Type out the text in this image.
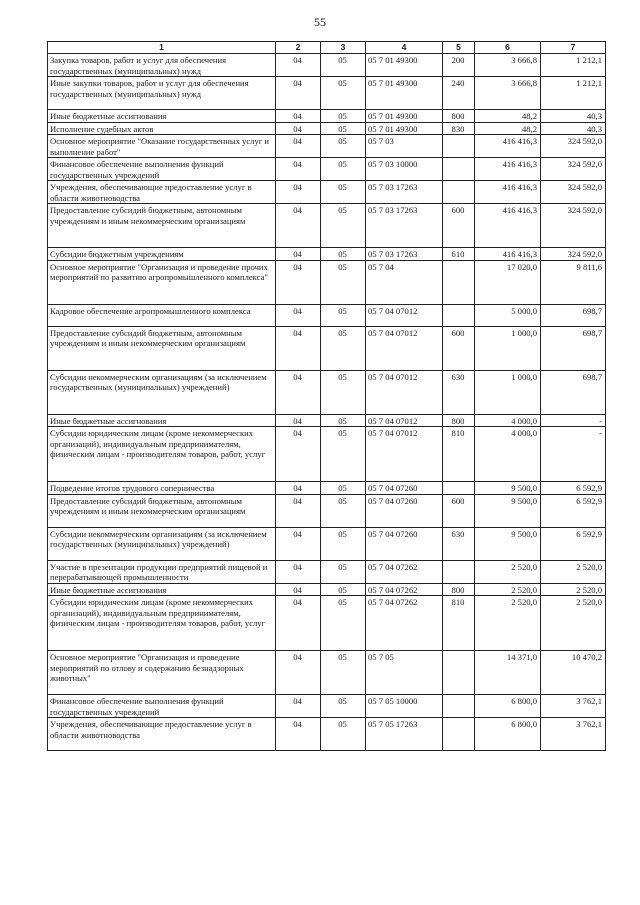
55
1	2	3	4	5	6	7
Закупка товаров, работ и услуг для обеспечения государственных (муниципальных) нужд	04	05	05 7 01 49300	200	3 666,8	1 212,1
Иные закупки товаров, работ и услуг для обеспечения государственных (муниципальных) нужд	04	05	05 7 01 49300	240	3 666,8	1 212,1
Иные бюджетные ассигнования	04	05	05 7 01 49300	800	48,2	40,3
Исполнение судебных актов	04	05	05 7 01 49300	830	48,2	40,3
Основное мероприятие "Оказание государственных услуг и выполнение работ"	04	05	05 7 03		416 416,3	324 592,0
Финансовое обеспечение выполнения функций государственных учреждений	04	05	05 7 03 10000		416 416,3	324 592,0
Учреждения, обеспечивающие предоставление услуг в области животноводства	04	05	05 7 03 17263		416 416,3	324 592,0
Предоставление субсидий бюджетным, автономным учреждениям и иным некоммерческим организациям	04	05	05 7 03 17263	600	416 416,3	324 592,0
Субсидии бюджетным учреждениям	04	05	05 7 03 17263	610	416 416,3	324 592,0
Основное мероприятие "Организация и проведение прочих мероприятий по развитию агропромышленного комплекса"	04	05	05 7 04		17 020,0	9 811,6
Кадровое обеспечение агропромышленного комплекса	04	05	05 7 04 07012		5 000,0	698,7
Предоставление субсидий бюджетным, автономным учреждениям и иным некоммерческим организациям	04	05	05 7 04 07012	600	1 000,0	698,7
Субсидии некоммерческим организациям (за исключением государственных (муниципальных) учреждений)	04	05	05 7 04 07012	630	1 000,0	698,7
Иные бюджетные ассигнования	04	05	05 7 04 07012	800	4 000,0	-
Субсидии юридическим лицам (кроме некоммерческих организаций), индивидуальным предпринимателям, физическим лицам - производителям товаров, работ, услуг	04	05	05 7 04 07012	810	4 000,0	-
Подведение итогов трудового соперничества	04	05	05 7 04 07260		9 500,0	6 592,9
Предоставление субсидий бюджетным, автономным учреждениям и иным некоммерческим организациям	04	05	05 7 04 07260	600	9 500,0	6 592,9
Субсидии некоммерческим организациям (за исключением государственных (муниципальных) учреждений)	04	05	05 7 04 07260	630	9 500,0	6 592,9
Участие в презентации продукции предприятий пищевой и перерабатывающей промышленности	04	05	05 7 04 07262		2 520,0	2 520,0
Иные бюджетные ассигнования	04	05	05 7 04 07262	800	2 520,0	2 520,0
Субсидии юридическим лицам (кроме некоммерческих организаций), индивидуальным предпринимателям, физическим лицам - производителям товаров, работ, услуг	04	05	05 7 04 07262	810	2 520,0	2 520,0
Основное мероприятие "Организация и проведение мероприятий по отлову и содержанию безнадзорных животных"	04	05	05 7 05		14 371,0	10 470,2
Финансовое обеспечение выполнения функций государственных учреждений	04	05	05 7 05 10000		6 800,0	3 762,1
Учреждения, обеспечивающие предоставление услуг в области животноводства	04	05	05 7 05 17263		6 800,0	3 762,1
